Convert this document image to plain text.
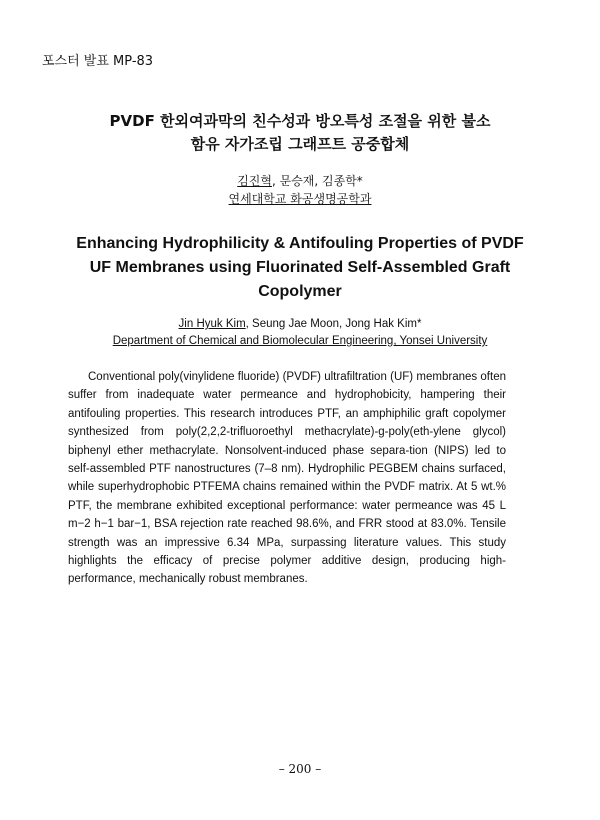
포스터 발표 MP-83
PVDF 한외여과막의 친수성과 방오특성 조절을 위한 불소
함유 자가조립 그래프트 공중합체
김진혁, 문승재, 김종학*
연세대학교 화공생명공학과
Enhancing Hydrophilicity & Antifouling Properties of PVDF
UF Membranes using Fluorinated Self-Assembled Graft
Copolymer
Jin Hyuk Kim, Seung Jae Moon, Jong Hak Kim*
Department of Chemical and Biomolecular Engineering, Yonsei University

Conventional poly(vinylidene fluoride) (PVDF) ultrafiltration (UF) membranes often suffer from inadequate water permeance and hydrophobicity, hampering their antifouling properties. This research introduces PTF, an amphiphilic graft copolymer synthesized from poly(2,2,2-trifluoroethyl methacrylate)-g-poly(eth-ylene glycol) biphenyl ether methacrylate. Nonsolvent-induced phase separa-tion (NIPS) led to self-assembled PTF nanostructures (7–8 nm). Hydrophilic PEGBEM chains surfaced, while superhydrophobic PTFEMA chains remained within the PVDF matrix. At 5 wt.% PTF, the membrane exhibited exceptional performance: water permeance was 45 L m−2 h−1 bar−1, BSA rejection rate reached 98.6%, and FRR stood at 83.0%. Tensile strength was an impressive 6.34 MPa, surpassing literature values. This study highlights the efficacy of precise polymer additive design, producing high-performance, mechanically robust membranes.

– 200 –
